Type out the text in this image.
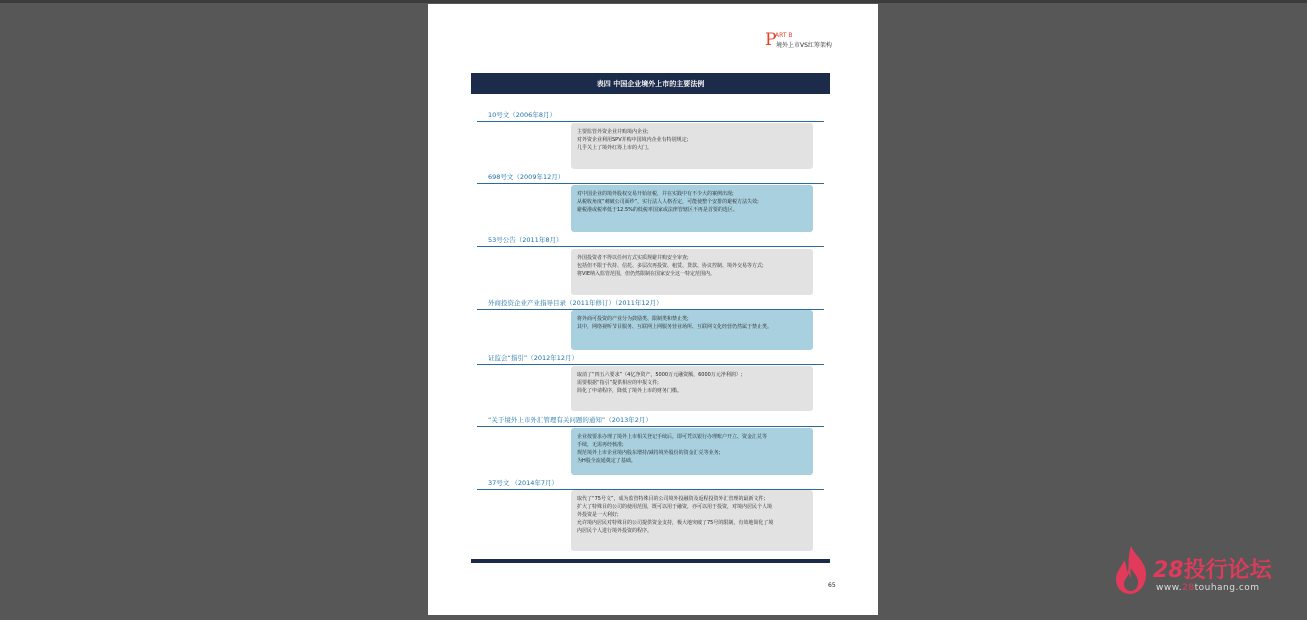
P
ART B
境外上市VS红筹架构
表四 中国企业境外上市的主要法例
10号文（2006年8月）
主要监管外资企业并购境内企业;
对外资企业利用SPV并购中国境内企业有特别规定;
几乎关上了境外红筹上市的大门。
698号文（2009年12月）
对中国企业的境外股权交易开始征税，并在实践中有不少大的案例出现;
从税收角度“刺破公司面纱”，实行法人人格否定，可能使整个安排的避税方法失效;
避税港或税率低于12.5%的低税率国家或法律管辖区不再是首要的选区。
53号公告（2011年8月）
外国投资者不得以任何方式实质规避并购安全审查;
包括但不限于代持、信托、多层次再投资、租赁、贷款、协议控制、境外交易等方式;
将VIE纳入监管范围，但仍然限制在国家安全这一特定范围内。
外商投资企业产业指导目录（2011年修订）（2011年12月）
将外商可投资的产业分为鼓励类、限制类和禁止类;
其中，网络视听节目服务、互联网上网服务营业场所、互联网文化经营仍然属于禁止类。
证监会“指引”（2012年12月）
取消了“四五六要求”（4亿净资产，5000万元融资额，6000万元净利润）;
需要根据“指引”提供相应的申报文件;
简化了申请程序，降低了境外上市的财务门槛。
“关于境外上市外汇管理有关问题的通知”（2013年2月）
企业按要求办理了境外上市相关登记手续后，即可凭以银行办理账户开立、资金汇兑等
手续，无需再经核准;
规范境外上市企业境内股东增持/减持境外股份的资金汇兑等业务;
为H股全流通奠定了基础。
37号文 （2014年7月）
取代了“75号文”，成为监管特殊目的公司境外投融资及返程投资外汇管理的最新文件;
扩大了特殊目的公司的使用范围，既可以用于融资，亦可以用于投资，对境内居民个人境
外投资是一大利好;
允许境内居民对特殊目的公司提供资金支持，极大地突破了75号的限制，有效地简化了境
内居民个人进行境外投资的程序。
65
28投行论坛
www.28touhang.com
